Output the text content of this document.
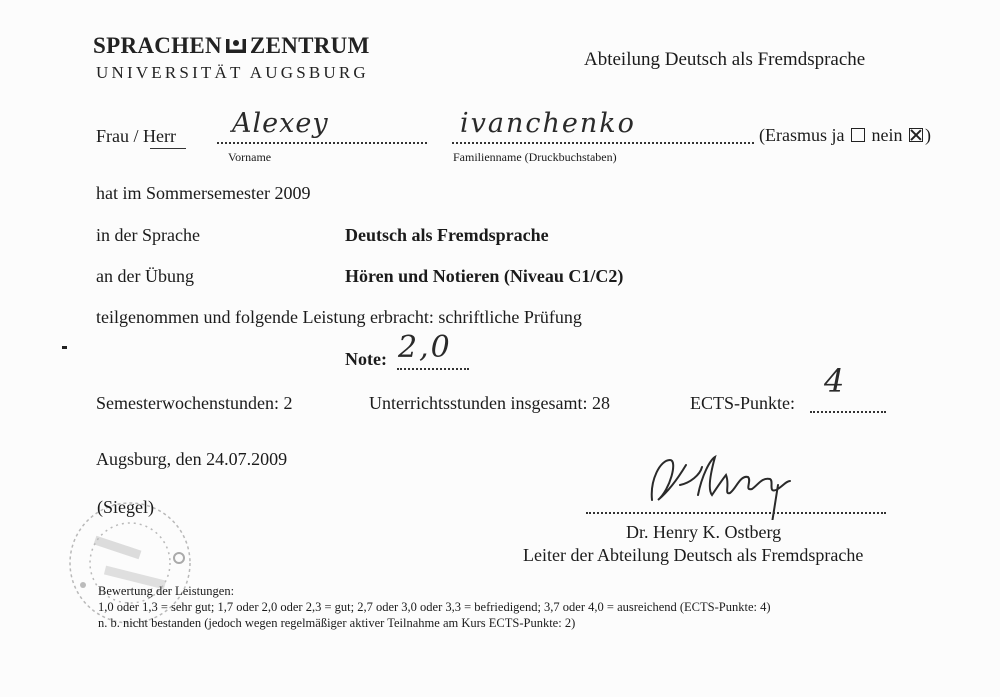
SPRACHEN ZENTRUM
UNIVERSITÄT AUGSBURG
Abteilung Deutsch als Fremdsprache
Frau / Herr Alexey
Vorname
ivanchenko
Familienname (Druckbuchstaben)
(Erasmus ja nein )
hat im Sommersemester 2009
in der Sprache	Deutsch als Fremdsprache
an der Übung	Hören und Notieren (Niveau C1/C2)
teilgenommen und folgende Leistung erbracht: schriftliche Prüfung
Note: 2,0
Semesterwochenstunden: 2	Unterrichtsstunden insgesamt: 28	ECTS-Punkte:
4
Augsburg, den 24.07.2009
(Siegel)
Dr. Henry K. Ostberg
Leiter der Abteilung Deutsch als Fremdsprache
Bewertung der Leistungen:
1,0 oder 1,3 = sehr gut; 1,7 oder 2,0 oder 2,3 = gut; 2,7 oder 3,0 oder 3,3 = befriedigend; 3,7 oder 4,0 = ausreichend (ECTS-Punkte: 4)
n. b. nicht bestanden (jedoch wegen regelmäßiger aktiver Teilnahme am Kurs ECTS-Punkte: 2)
